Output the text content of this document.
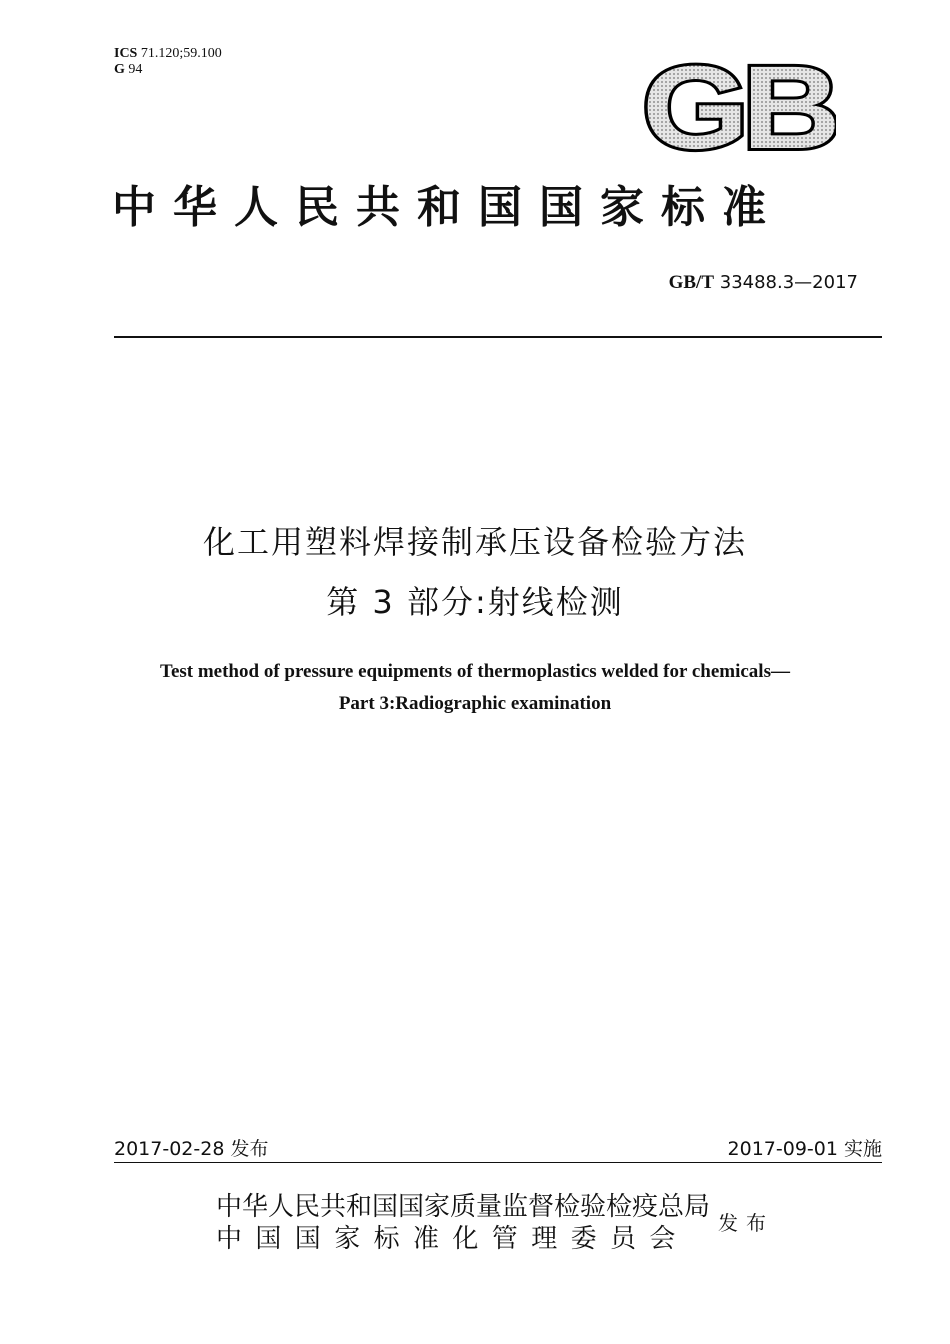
ICS 71.120;59.100
G 94	GB
中华人民共和国国家标准
GB/T 33488.3—2017
化工用塑料焊接制承压设备检验方法
第 3 部分:射线检测
Test method of pressure equipments of thermoplastics welded for chemicals—
Part 3:Radiographic examination
2017-02-28 发布	2017-09-01 实施
中华人民共和国国家质量监督检验检疫总局
中国国家标准化管理委员会
发布
